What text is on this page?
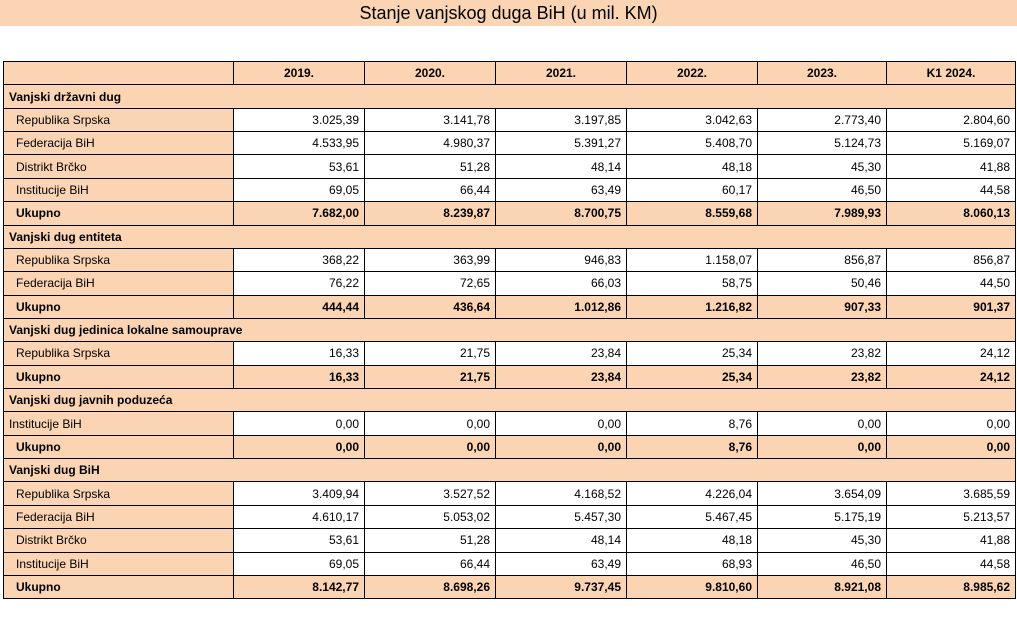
Stanje vanjskog duga BiH (u mil. KM)
	2019.	2020.	2021.	2022.	2023.	K1 2024.
Vanjski državni dug						
Republika Srpska	3.025,39	3.141,78	3.197,85	3.042,63	2.773,40	2.804,60
Federacija BiH	4.533,95	4.980,37	5.391,27	5.408,70	5.124,73	5.169,07
Distrikt Brčko	53,61	51,28	48,14	48,18	45,30	41,88
Institucije BiH	69,05	66,44	63,49	60,17	46,50	44,58
Ukupno	7.682,00	8.239,87	8.700,75	8.559,68	7.989,93	8.060,13
Vanjski dug entiteta						
Republika Srpska	368,22	363,99	946,83	1.158,07	856,87	856,87
Federacija BiH	76,22	72,65	66,03	58,75	50,46	44,50
Ukupno	444,44	436,64	1.012,86	1.216,82	907,33	901,37
Vanjski dug jedinica lokalne samouprave						
Republika Srpska	16,33	21,75	23,84	25,34	23,82	24,12
Ukupno	16,33	21,75	23,84	25,34	23,82	24,12
Vanjski dug javnih poduzeća						
Institucije BiH	0,00	0,00	0,00	8,76	0,00	0,00
Ukupno	0,00	0,00	0,00	8,76	0,00	0,00
Vanjski dug BiH						
Republika Srpska	3.409,94	3.527,52	4.168,52	4.226,04	3.654,09	3.685,59
Federacija BiH	4.610,17	5.053,02	5.457,30	5.467,45	5.175,19	5.213,57
Distrikt Brčko	53,61	51,28	48,14	48,18	45,30	41,88
Institucije BiH	69,05	66,44	63,49	68,93	46,50	44,58
Ukupno	8.142,77	8.698,26	9.737,45	9.810,60	8.921,08	8.985,62
